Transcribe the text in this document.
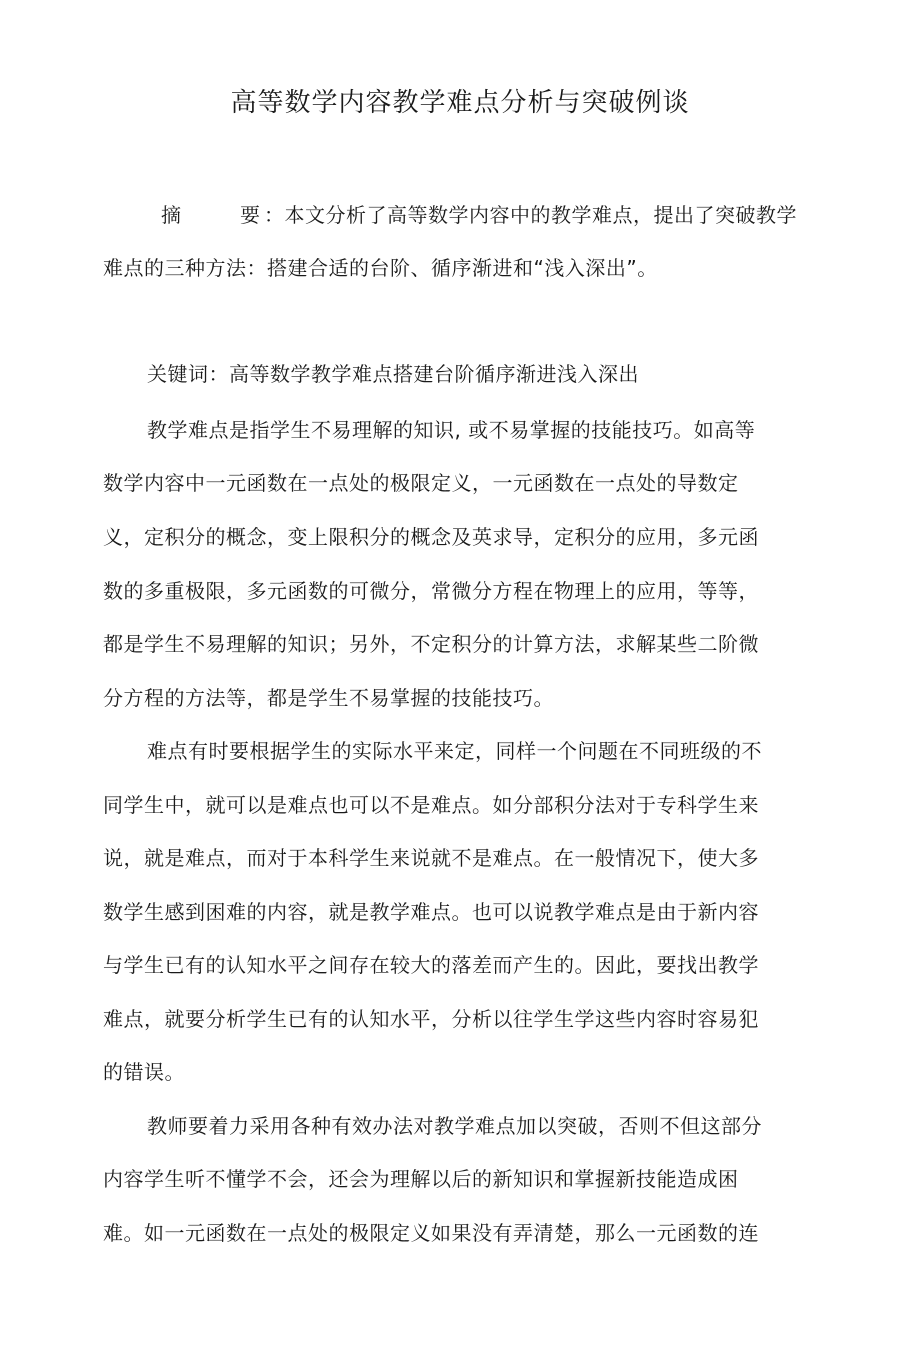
高等数学内容教学难点分析与突破例谈
摘	要 ：本文分析了高等数学内容中的教学难点，提出了突破教学
难点的三种方法：搭建合适的台阶、循序渐进和“浅入深出”。
关键词：高等数学教学难点搭建台阶循序渐进浅入深出
教学难点是指学生不易理解的知识, 或不易掌握的技能技巧。如高等
数学内容中一元函数在一点处的极限定义，一元函数在一点处的导数定
义，定积分的概念，变上限积分的概念及英求导，定积分的应用，多元函
数的多重极限，多元函数的可微分，常微分方程在物理上的应用，等等，
都是学生不易理解的知识；另外，不定积分的计算方法，求解某些二阶微
分方程的方法等，都是学生不易掌握的技能技巧。
难点有时要根据学生的实际水平来定，同样一个问题在不同班级的不
同学生中，就可以是难点也可以不是难点。如分部积分法对于专科学生来
说，就是难点，而对于本科学生来说就不是难点。在一般情况下，使大多
数学生感到困难的内容，就是教学难点。也可以说教学难点是由于新内容
与学生已有的认知水平之间存在较大的落差而产生的。因此，要找出教学
难点，就要分析学生已有的认知水平，分析以往学生学这些内容时容易犯
的错误。
教师要着力采用各种有效办法对教学难点加以突破，否则不但这部分
内容学生听不懂学不会，还会为理解以后的新知识和掌握新技能造成困
难。如一元函数在一点处的极限定义如果没有弄清楚，那么一元函数的连
